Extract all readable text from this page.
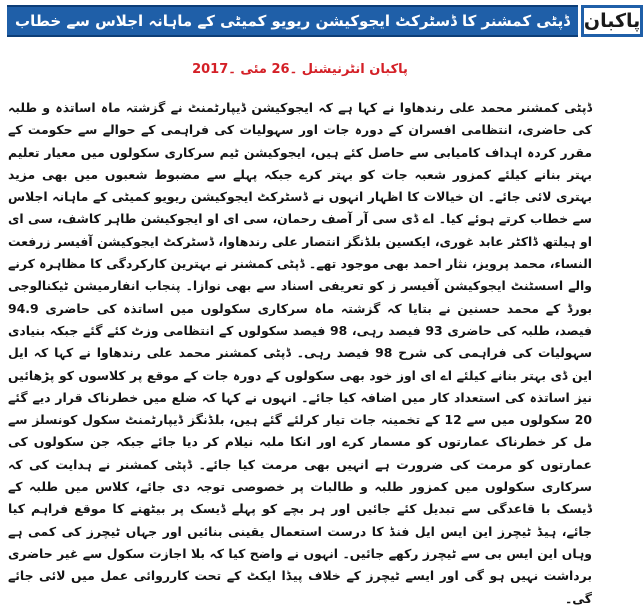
ڈپٹی کمشنر کا ڈسٹرکٹ ایجوکیشن ریویو کمیٹی کے ماہانہ اجلاس سے خطاب پاکبان
پاکبان انٹرنیشنل ۔26 مئی ۔2017

ڈپٹی کمشنر محمد علی رندھاوا نے کہا ہے کہ ایجوکیشن ڈیپارٹمنٹ نے گزشتہ ماہ اساتذہ و طلبہ کی حاضری، انتظامی افسران کے دورہ جات اور سہولیات کی فراہمی کے حوالے سے حکومت کے مقرر کردہ اہداف کامیابی سے حاصل کئے ہیں، ایجوکیشن ٹیم سرکاری سکولوں میں معیار تعلیم بہتر بنانے کیلئے کمزور شعبہ جات کو بہتر کرے جبکہ پہلے سے مضبوط شعبوں میں بھی مزید بہتری لائی جائے۔ ان خیالات کا اظہار انہوں نے ڈسٹرکٹ ایجوکیشن ریویو کمیٹی کے ماہانہ اجلاس سے خطاب کرتے ہوئے کیا۔ اے ڈی سی آر آصف رحمان، سی ای او ایجوکیشن طاہر کاشف، سی ای او ہیلتھ ڈاکٹر عابد غوری، ایکسین بلڈنگز انتصار علی رندھاوا، ڈسٹرکٹ ایجوکیشن آفیسر زرفعت النساء، محمد پرویز، نثار احمد بھی موجود تھے۔ ڈپٹی کمشنر نے بہترین کارکردگی کا مظاہرہ کرنے والے اسسٹنٹ ایجوکیشن آفیسر ز کو تعریفی اسناد سے بھی نوازا۔ پنجاب انفارمیشن ٹیکنالوجی بورڈ کے محمد حسنین نے بتایا کہ گزشتہ ماہ سرکاری سکولوں میں اساتذہ کی حاضری 94.9 فیصد، طلبہ کی حاضری 93 فیصد رہی، 98 فیصد سکولوں کے انتظامی وزٹ کئے گئے جبکہ بنیادی سہولیات کی فراہمی کی شرح 98 فیصد رہی۔ ڈپٹی کمشنر محمد علی رندھاوا نے کہا کہ ایل این ڈی بہتر بنانے کیلئے اے ای اوز خود بھی سکولوں کے دورہ جات کے موقع پر کلاسوں کو پڑھائیں نیز اساتذہ کی استعداد کار میں اضافہ کیا جائے۔ انہوں نے کہا کہ ضلع میں خطرناک قرار دیے گئے 20 سکولوں میں سے 12 کے تخمینہ جات تیار کرلئے گئے ہیں، بلڈنگز ڈیپارٹمنٹ سکول کونسلز سے مل کر خطرناک عمارتوں کو مسمار کرے اور انکا ملبہ نیلام کر دیا جائے جبکہ جن سکولوں کی عمارتوں کو مرمت کی ضرورت ہے انہیں بھی مرمت کیا جائے۔ ڈپٹی کمشنر نے ہدایت کی کہ سرکاری سکولوں میں کمزور طلبہ و طالبات پر خصوصی توجہ دی جائے، کلاس میں طلبہ کے ڈیسک با قاعدگی سے تبدیل کئے جائیں اور ہر بچے کو پہلے ڈیسک پر بیٹھنے کا موقع فراہم کیا جائے، ہیڈ ٹیچرز این ایس ایل فنڈ کا درست استعمال یقینی بنائیں اور جہاں ٹیچرز کی کمی ہے وہاں این ایس بی سے ٹیچرز رکھے جائیں۔ انہوں نے واضح کیا کہ بلا اجازت سکول سے غیر حاضری برداشت نہیں ہو گی اور ایسے ٹیچرز کے خلاف پیڈا ایکٹ کے تحت کارروائی عمل میں لائی جائے گی۔
